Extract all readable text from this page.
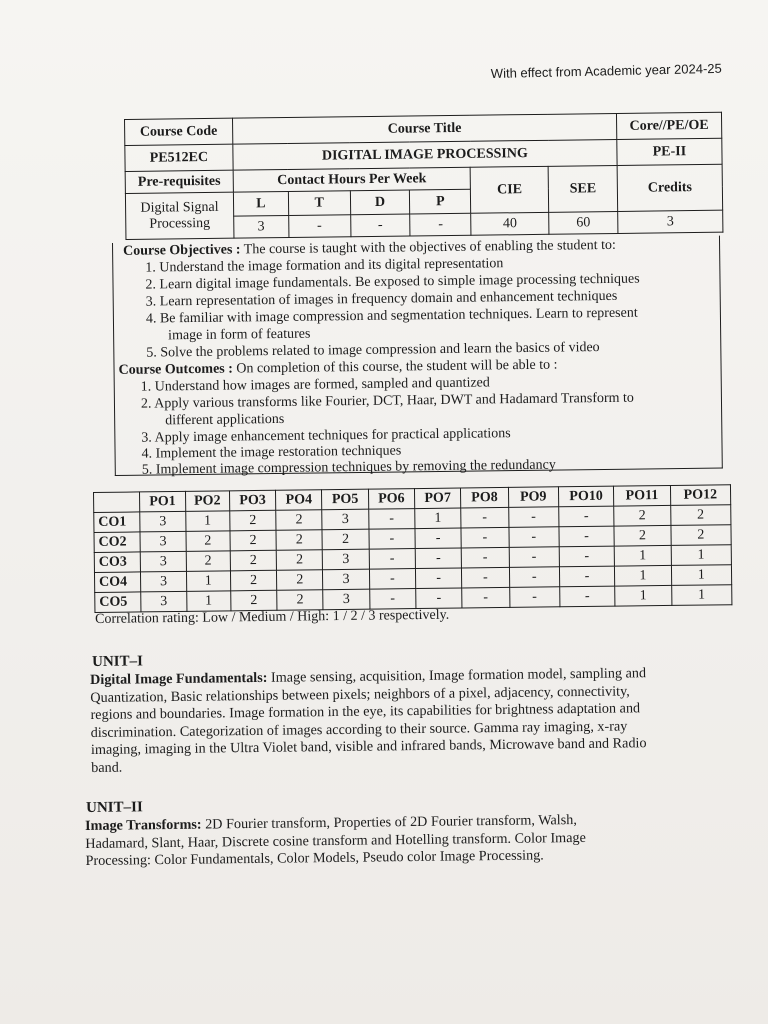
With effect from Academic year 2024-25
Course Code	Course Title						Core//PE/OE
PE512EC	DIGITAL IMAGE PROCESSING						PE-II
Pre-requisites	Contact Hours Per Week				CIE	SEE	Credits
Digital Signal
Processing	L	T	D	P			
	3	-	-	-	40	60	3
Course Objectives : The course is taught with the objectives of enabling the student to:
1. Understand the image formation and its digital representation
2. Learn digital image fundamentals. Be exposed to simple image processing techniques
3. Learn representation of images in frequency domain and enhancement techniques
4. Be familiar with image compression and segmentation techniques. Learn to represent
image in form of features
5. Solve the problems related to image compression and learn the basics of video
Course Outcomes : On completion of this course, the student will be able to :
1. Understand how images are formed, sampled and quantized
2. Apply various transforms like Fourier, DCT, Haar, DWT and Hadamard Transform to
different applications
3. Apply image enhancement techniques for practical applications
4. Implement the image restoration techniques
5. Implement image compression techniques by removing the redundancy
	PO1	PO2	PO3	PO4	PO5	PO6	PO7	PO8	PO9	PO10	PO11	PO12
CO1	3	1	2	2	3	-	1	-	-	-	2	2
CO2	3	2	2	2	2	-	-	-	-	-	2	2
CO3	3	2	2	2	3	-	-	-	-	-	1	1
CO4	3	1	2	2	3	-	-	-	-	-	1	1
CO5	3	1	2	2	3	-	-	-	-	-	1	1
Correlation rating: Low / Medium / High: 1 / 2 / 3 respectively.
UNIT–I
Digital Image Fundamentals: Image sensing, acquisition, Image formation model, sampling and
Quantization, Basic relationships between pixels; neighbors of a pixel, adjacency, connectivity,
regions and boundaries. Image formation in the eye, its capabilities for brightness adaptation and
discrimination. Categorization of images according to their source. Gamma ray imaging, x-ray
imaging, imaging in the Ultra Violet band, visible and infrared bands, Microwave band and Radio
band.
UNIT–II
Image Transforms: 2D Fourier transform, Properties of 2D Fourier transform, Walsh,
Hadamard, Slant, Haar, Discrete cosine transform and Hotelling transform. Color Image
Processing: Color Fundamentals, Color Models, Pseudo color Image Processing.
